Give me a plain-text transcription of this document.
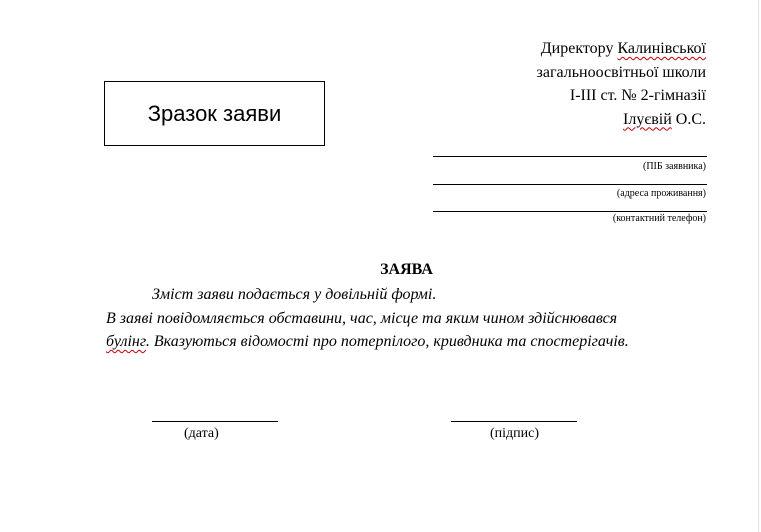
Зразок заяви
Директору Калинівської
загальноосвітньої школи
І-ІІІ ст. № 2-гімназії
Ілуєвій О.С.
(ПІБ заявника)
(адреса проживання)
(контактний телефон)
ЗАЯВА
Зміст заяви подається у довільній формі.
В заяві повідомляється обставини, час, місце та яким чином здійснювався
булінг. Вказуються відомості про потерпілого, кривдника та спостерігачів.
(дата)	(підпис)
